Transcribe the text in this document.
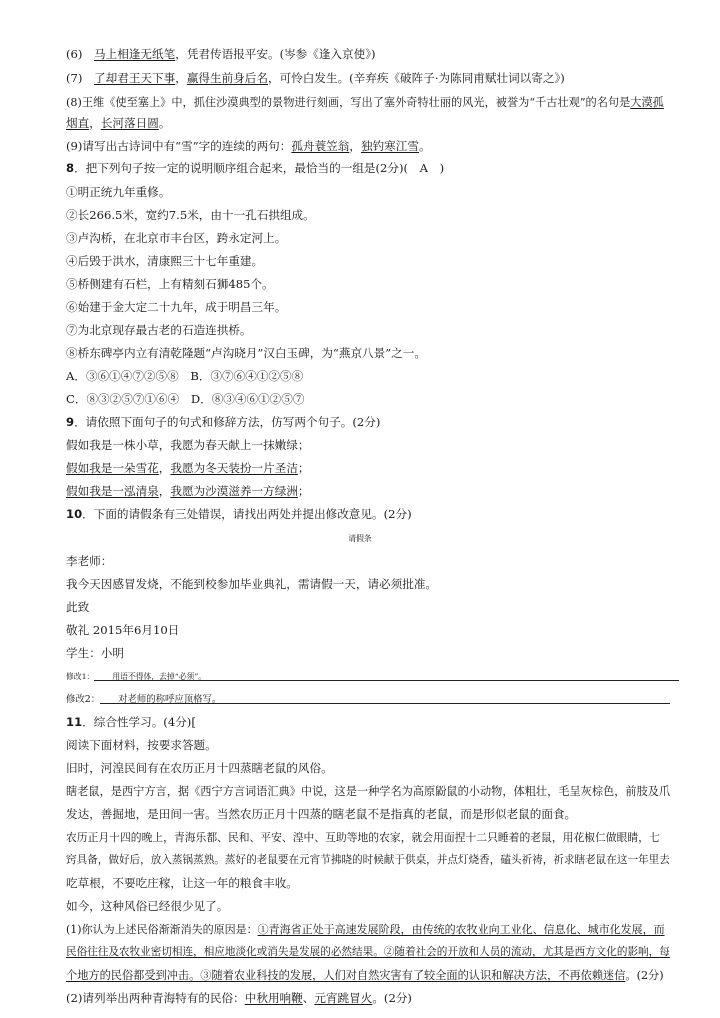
(6)　 马上相逢无纸笔，凭君传语报平安。(岑参《逢入京使》)
(7)　 了却君王天下事，赢得生前身后名，可怜白发生。(辛弃疾《破阵子·为陈同甫赋壮词以寄之》)
(8)王维《使至塞上》中，抓住沙漠典型的景物进行刻画，写出了塞外奇特壮丽的风光，被誉为“千古壮观”的名句是大漠孤
烟直，长河落日圆。
(9)请写出古诗词中有“雪”字的连续的两句：孤舟蓑笠翁，独钓寒江雪。
8．把下列句子按一定的说明顺序组合起来，最恰当的一组是(2分)(　A　)
①明正统九年重修。
②长266.5米，宽约7.5米，由十一孔石拱组成。
③卢沟桥，在北京市丰台区，跨永定河上。
④后毁于洪水，清康熙三十七年重建。
⑤桥侧建有石栏，上有精刻石狮485个。
⑥始建于金大定二十九年，成于明昌三年。
⑦为北京现存最古老的石造连拱桥。
⑧桥东碑亭内立有清乾隆题“卢沟晓月”汉白玉碑，为“燕京八景”之一。
A．③⑥①④⑦②⑤⑧　 B．③⑦⑥④①②⑤⑧
C．⑧③②⑤⑦①⑥④　 D．⑧③④⑥①②⑤⑦
9．请依照下面句子的句式和修辞方法，仿写两个句子。(2分)
假如我是一株小草，我愿为春天献上一抹嫩绿；
假如我是一朵雪花，我愿为冬天装扮一片圣洁；
假如我是一泓清泉，我愿为沙漠滋养一方绿洲；
10．下面的请假条有三处错误，请找出两处并提出修改意见。(2分)
请假条
李老师：
我今天因感冒发烧，不能到校参加毕业典礼，需请假一天，请必须批准。
此致
敬礼 2015年6月10日
学生：小明
修改1： 用语不得体，去掉“必须”。
修改2： 对老师的称呼应顶格写。
11．综合性学习。(4分)[
阅读下面材料，按要求答题。
旧时，河湟民间有在农历正月十四蒸瞎老鼠的风俗。
瞎老鼠，是西宁方言，据《西宁方言词语汇典》中说，这是一种学名为高原鼢鼠的小动物，体粗壮，毛呈灰棕色，前肢及爪
发达，善掘地，是田间一害。当然农历正月十四蒸的瞎老鼠不是指真的老鼠，而是形似老鼠的面食。
农历正月十四的晚上，青海乐都、民和、平安、湟中、互助等地的农家，就会用面捏十二只睡着的老鼠，用花椒仁做眼睛，七
窍具备，做好后，放入蒸锅蒸熟。蒸好的老鼠要在元宵节拂晓的时候献于供桌，并点灯烧香，磕头祈祷，祈求瞎老鼠在这一年里去
吃草根，不要吃庄稼，让这一年的粮食丰收。
如今，这种风俗已经很少见了。
(1)你认为上述民俗渐渐消失的原因是：①青海省正处于高速发展阶段，由传统的农牧业向工业化、信息化、城市化发展，而
民俗往往及农牧业密切相连，相应地淡化或消失是发展的必然结果。②随着社会的开放和人员的流动，尤其是西方文化的影响，每
个地方的民俗都受到冲击。③随着农业科技的发展，人们对自然灾害有了较全面的认识和解决方法，不再依赖迷信。(2分)
(2)请列举出两种青海特有的民俗：中秋用响鞭、元宵跳冒火。(2分)
